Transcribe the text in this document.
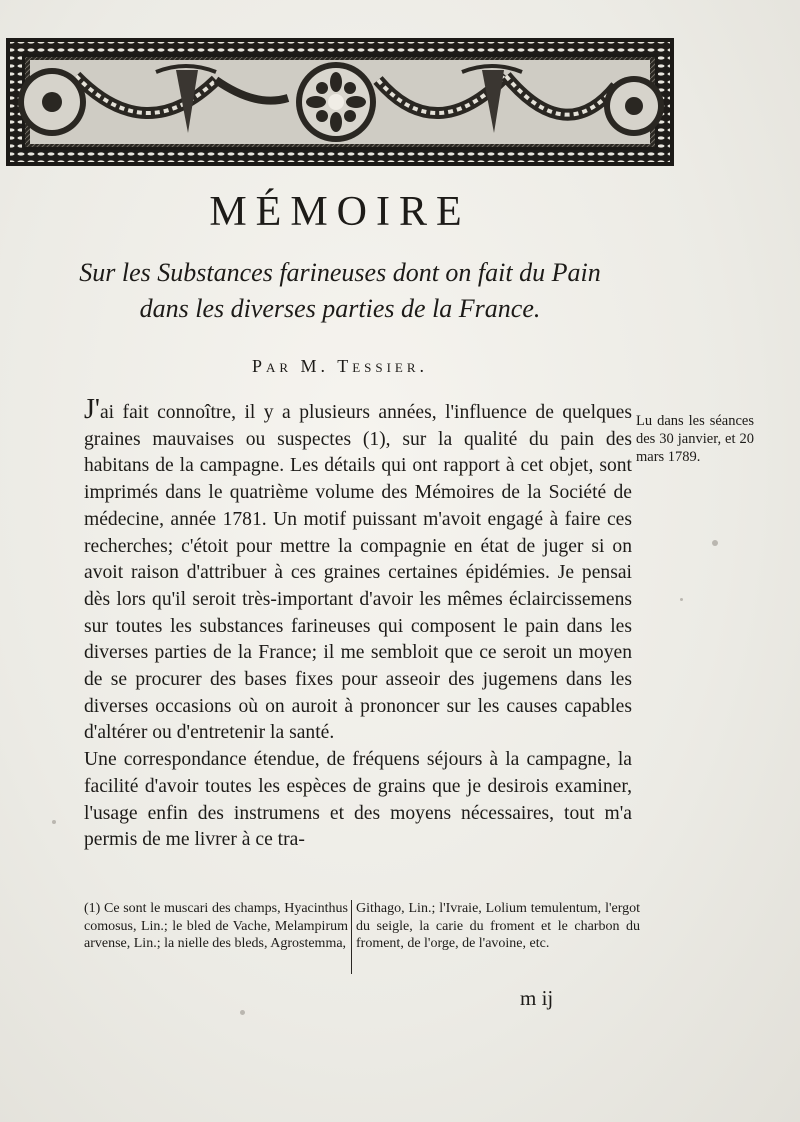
MÉMOIRE
Sur les Substances farineuses dont on fait du Pain
dans les diverses parties de la France.
Par M. Tessier.

J'ai fait connoître, il y a plusieurs années, l'influence de quelques graines mauvaises ou suspectes (1), sur la qualité du pain des habitans de la campagne. Les détails qui ont rapport à cet objet, sont imprimés dans le quatrième volume des Mémoires de la Société de médecine, année 1781. Un motif puissant m'avoit engagé à faire ces recherches; c'étoit pour mettre la compagnie en état de juger si on avoit raison d'attribuer à ces graines certaines épidémies. Je pensai dès lors qu'il seroit très-important d'avoir les mêmes éclaircissemens sur toutes les substances farineuses qui composent le pain dans les diverses parties de la France; il me sembloit que ce seroit un moyen de se procurer des bases fixes pour asseoir des jugemens dans les diverses occasions où on auroit à prononcer sur les causes capables d'altérer ou d'entretenir la santé.

Une correspondance étendue, de fréquens séjours à la campagne, la facilité d'avoir toutes les espèces de grains que je desirois examiner, l'usage enfin des instrumens et des moyens nécessaires, tout m'a permis de me livrer à ce tra-

Lu dans les séances des 30 janvier, et 20 mars 1789.
(1) Ce sont le muscari des champs, Hyacinthus comosus, Lin.; le bled de Vache, Melampirum arvense, Lin.; la nielle des bleds, Agrostemma,
Githago, Lin.; l'Ivraie, Lolium temulentum, l'ergot du seigle, la carie du froment et le charbon du froment, de l'orge, de l'avoine, etc.
m ij
